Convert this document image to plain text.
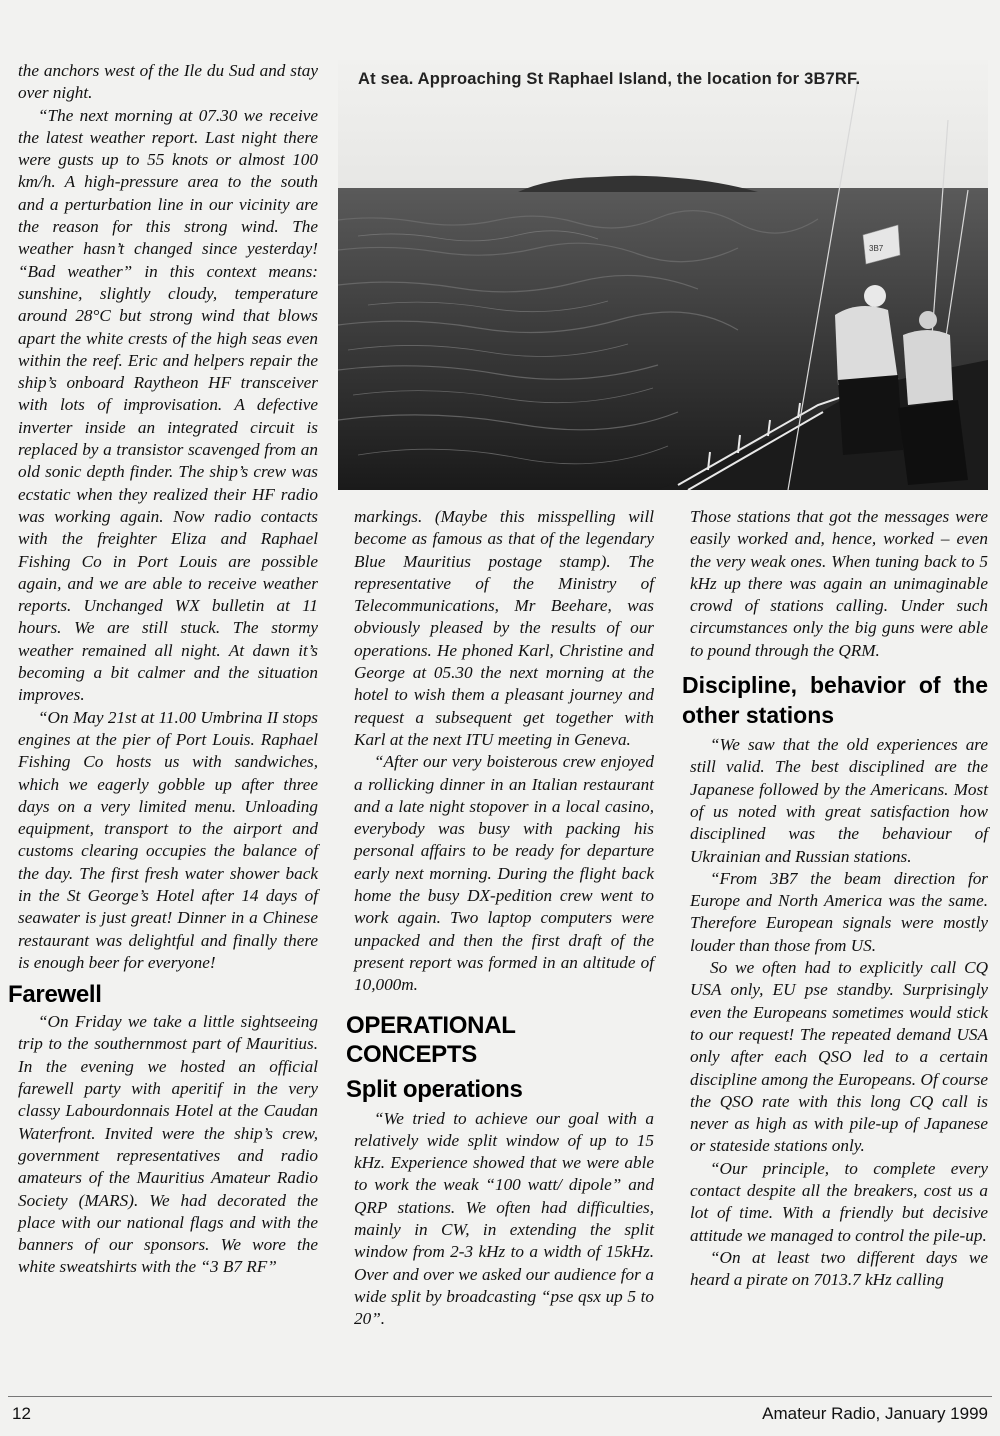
the anchors west of the Ile du Sud and stay over night.

“The next morning at 07.30 we receive the latest weather report. Last night there were gusts up to 55 knots or almost 100 km/h. A high-pressure area to the south and a perturbation line in our vicinity are the reason for this strong wind. The weather hasn’t changed since yesterday! “Bad weather” in this context means: sunshine, slightly cloudy, temperature around 28°C but strong wind that blows apart the white crests of the high seas even within the reef. Eric and helpers repair the ship’s onboard Raytheon HF transceiver with lots of improvisation. A defective inverter inside an integrated circuit is replaced by a transistor scavenged from an old sonic depth finder. The ship’s crew was ecstatic when they realized their HF radio was working again. Now radio contacts with the freighter Eliza and Raphael Fishing Co in Port Louis are possible again, and we are able to receive weather reports. Unchanged WX bulletin at 11 hours. We are still stuck. The stormy weather remained all night. At dawn it’s becoming a bit calmer and the situation improves.

“On May 21st at 11.00 Umbrina II stops engines at the pier of Port Louis. Raphael Fishing Co hosts us with sandwiches, which we eagerly gobble up after three days on a very limited menu. Unloading equipment, transport to the airport and customs clearing occupies the balance of the day. The first fresh water shower back in the St George’s Hotel after 14 days of seawater is just great! Dinner in a Chinese restaurant was delightful and finally there is enough beer for everyone!

Farewell

“On Friday we take a little sightseeing trip to the southernmost part of Mauritius. In the evening we hosted an official farewell party with aperitif in the very classy Labourdonnais Hotel at the Caudan Waterfront. Invited were the ship’s crew, government representatives and radio amateurs of the Mauritius Amateur Radio Society (MARS). We had decorated the place with our national flags and with the banners of our sponsors. We wore the white sweatshirts with the “3 B7 RF”

3B7
At sea. Approaching St Raphael Island, the location for 3B7RF.

markings. (Maybe this misspelling will become as famous as that of the legendary Blue Mauritius postage stamp). The representative of the Ministry of Telecommunications, Mr Beehare, was obviously pleased by the results of our operations. He phoned Karl, Christine and George at 05.30 the next morning at the hotel to wish them a pleasant journey and request a subsequent get together with Karl at the next ITU meeting in Geneva.

“After our very boisterous crew enjoyed a rollicking dinner in an Italian restaurant and a late night stopover in a local casino, everybody was busy with packing his personal affairs to be ready for departure early next morning. During the flight back home the busy DX-pedition crew went to work again. Two laptop computers were unpacked and then the first draft of the present report was formed in an altitude of 10,000m.

OPERATIONAL CONCEPTS
Split operations

“We tried to achieve our goal with a relatively wide split window of up to 15 kHz. Experience showed that we were able to work the weak “100 watt/ dipole” and QRP stations. We often had difficulties, mainly in CW, in extending the split window from 2-3 kHz to a width of 15kHz. Over and over we asked our audience for a wide split by broadcasting “pse qsx up 5 to 20”.

Those stations that got the messages were easily worked and, hence, worked – even the very weak ones. When tuning back to 5 kHz up there was again an unimaginable crowd of stations calling. Under such circumstances only the big guns were able to pound through the QRM.

Discipline, behavior of the other stations

“We saw that the old experiences are still valid. The best disciplined are the Japanese followed by the Americans. Most of us noted with great satisfaction how disciplined was the behaviour of Ukrainian and Russian stations.

“From 3B7 the beam direction for Europe and North America was the same. Therefore European signals were mostly louder than those from US.

So we often had to explicitly call CQ USA only, EU pse standby. Surprisingly even the Europeans sometimes would stick to our request! The repeated demand USA only after each QSO led to a certain discipline among the Europeans. Of course the QSO rate with this long CQ call is never as high as with pile-up of Japanese or stateside stations only.

“Our principle, to complete every contact despite all the breakers, cost us a lot of time. With a friendly but decisive attitude we managed to control the pile-up.

“On at least two different days we heard a pirate on 7013.7 kHz calling

12	Amateur Radio, January 1999
